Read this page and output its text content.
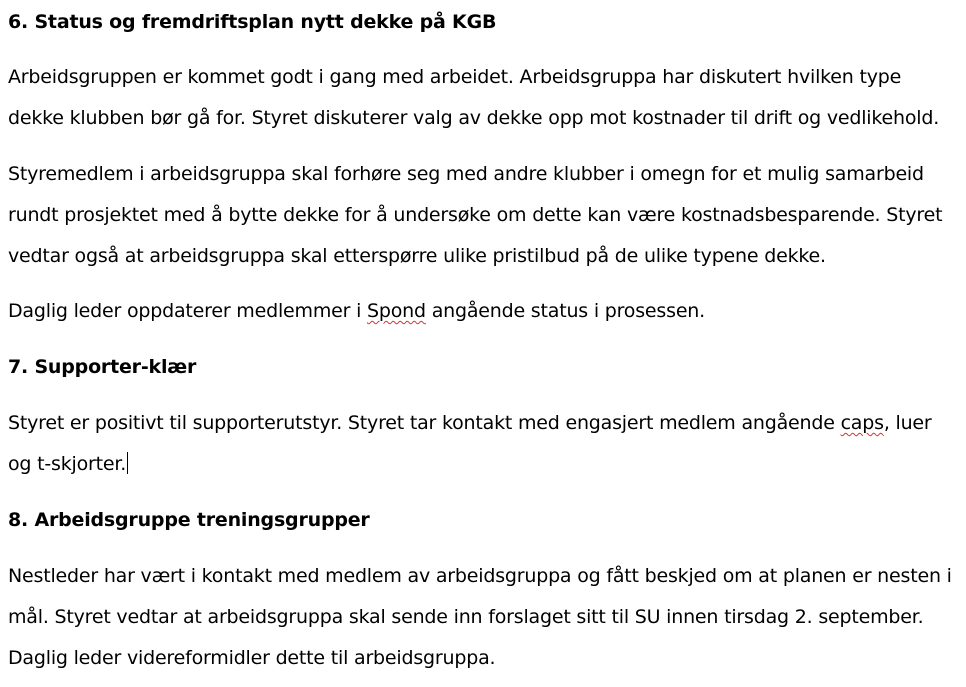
6. Status og fremdriftsplan nytt dekke på KGB

Arbeidsgruppen er kommet godt i gang med arbeidet. Arbeidsgruppa har diskutert hvilken type dekke klubben bør gå for. Styret diskuterer valg av dekke opp mot kostnader til drift og vedlikehold.

Styremedlem i arbeidsgruppa skal forhøre seg med andre klubber i omegn for et mulig samarbeid rundt prosjektet med å bytte dekke for å undersøke om dette kan være kostnadsbesparende. Styret vedtar også at arbeidsgruppa skal etterspørre ulike pristilbud på de ulike typene dekke.

Daglig leder oppdaterer medlemmer i Spond angående status i prosessen.

7. Supporter-klær

Styret er positivt til supporterutstyr. Styret tar kontakt med engasjert medlem angående caps, luer og t-skjorter.

8. Arbeidsgruppe treningsgrupper

Nestleder har vært i kontakt med medlem av arbeidsgruppa og fått beskjed om at planen er nesten i mål. Styret vedtar at arbeidsgruppa skal sende inn forslaget sitt til SU innen tirsdag 2. september. Daglig leder videreformidler dette til arbeidsgruppa.
